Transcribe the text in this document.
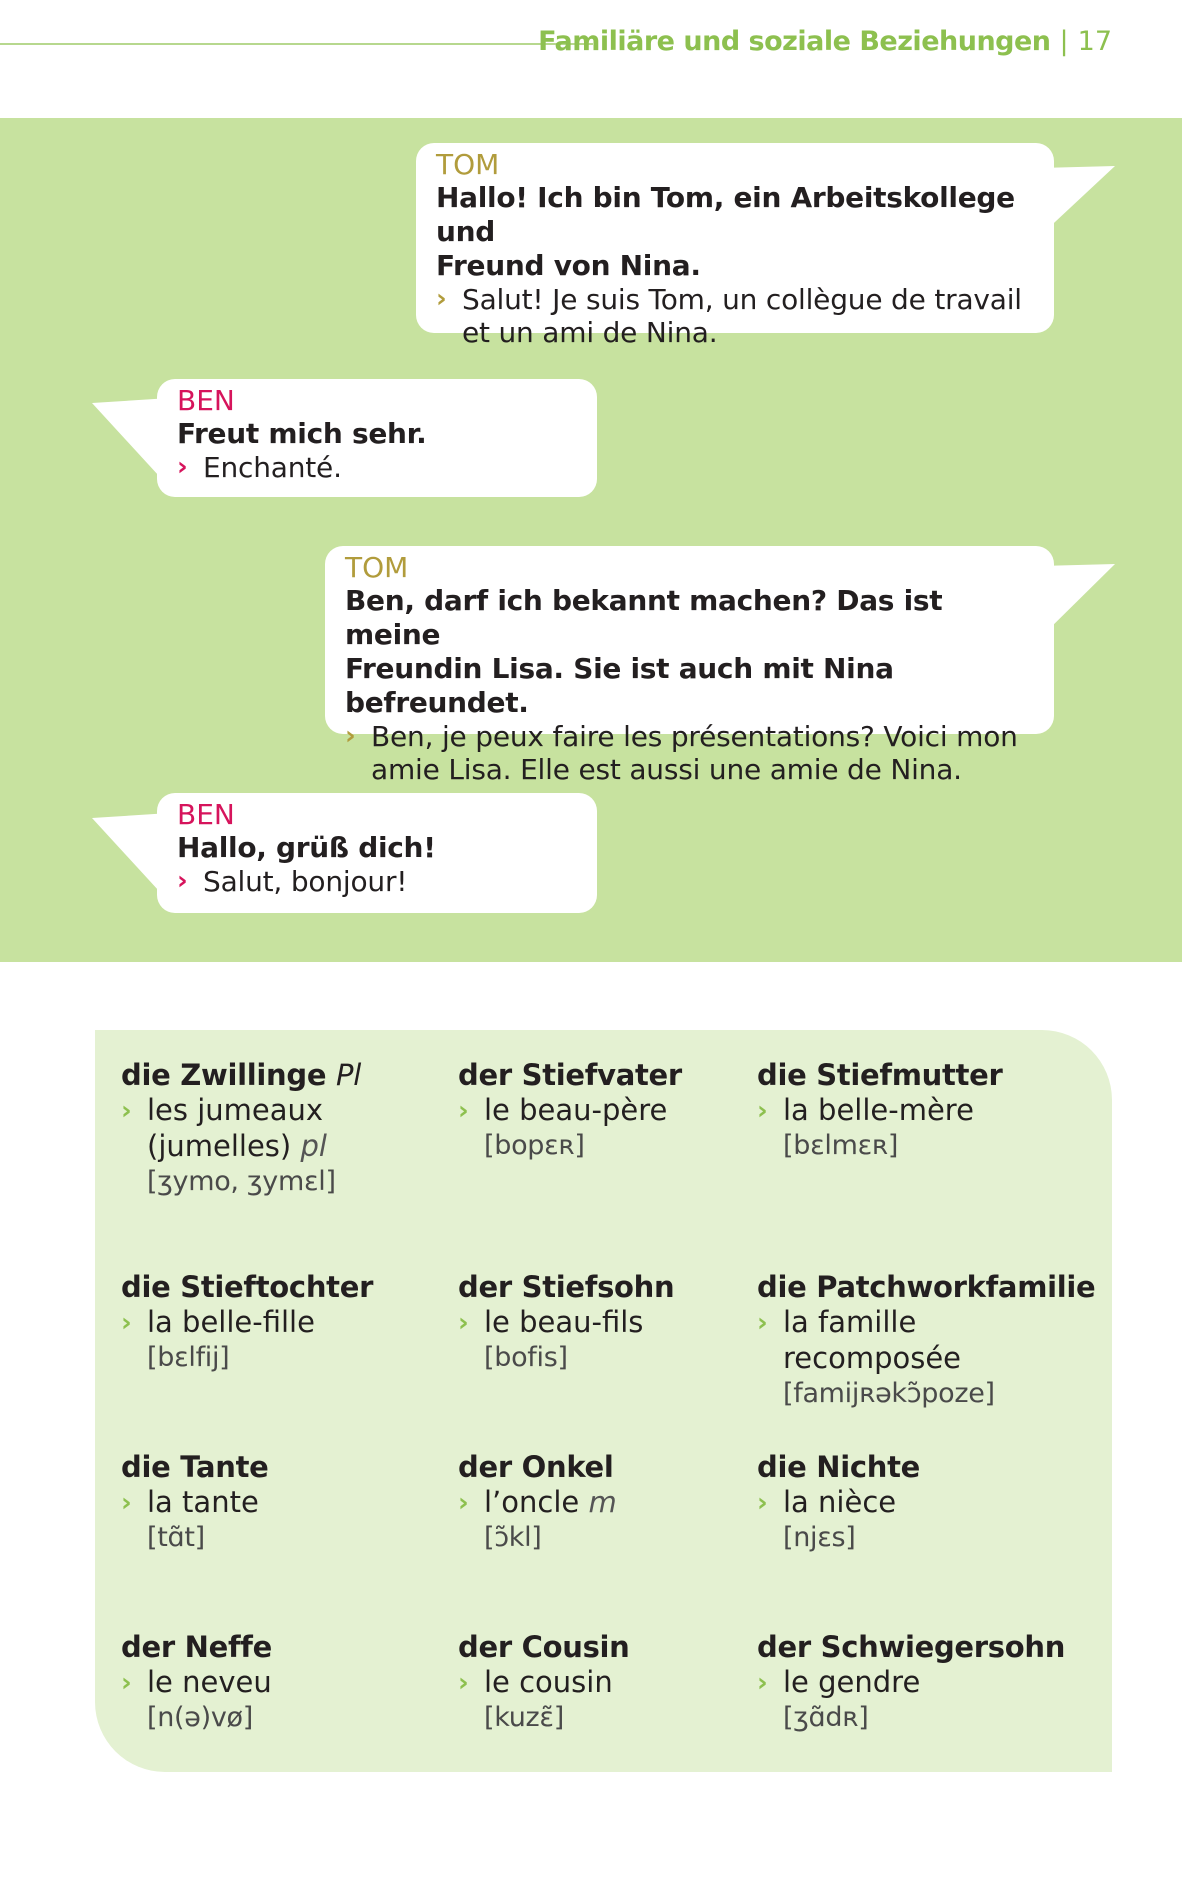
Familiäre und soziale Beziehungen | 17
TOM
Hallo! Ich bin Tom, ein Arbeitskollege und
Freund von Nina.
› Salut! Je suis Tom, un collègue de travail
et un ami de Nina.
BEN
Freut mich sehr.
› Enchanté.
TOM
Ben, darf ich bekannt machen? Das ist meine
Freundin Lisa. Sie ist auch mit Nina befreundet.
› Ben, je peux faire les présentations? Voici mon
amie Lisa. Elle est aussi une amie de Nina.
BEN
Hallo, grüß dich!
› Salut, bonjour!
die Zwillinge Pl
› les jumeaux
(jumelles) pl
[ʒymo, ʒymɛl]
der Stiefvater
› le beau-père
[bopɛʀ]
die Stiefmutter
› la belle-mère
[bɛlmɛʀ]
die Stieftochter
› la belle-fille
[bɛlfij]
der Stiefsohn
› le beau-fils
[bofis]
die Patchworkfamilie
› la famille recomposée
[famijʀəkɔ̃poze]
die Tante
› la tante
[tɑ̃t]
der Onkel
› l’oncle m
[ɔ̃kl]
die Nichte
› la nièce
[njɛs]
der Neffe
› le neveu
[n(ə)vø]
der Cousin
› le cousin
[kuzɛ̃]
der Schwiegersohn
› le gendre
[ʒɑ̃dʀ]
